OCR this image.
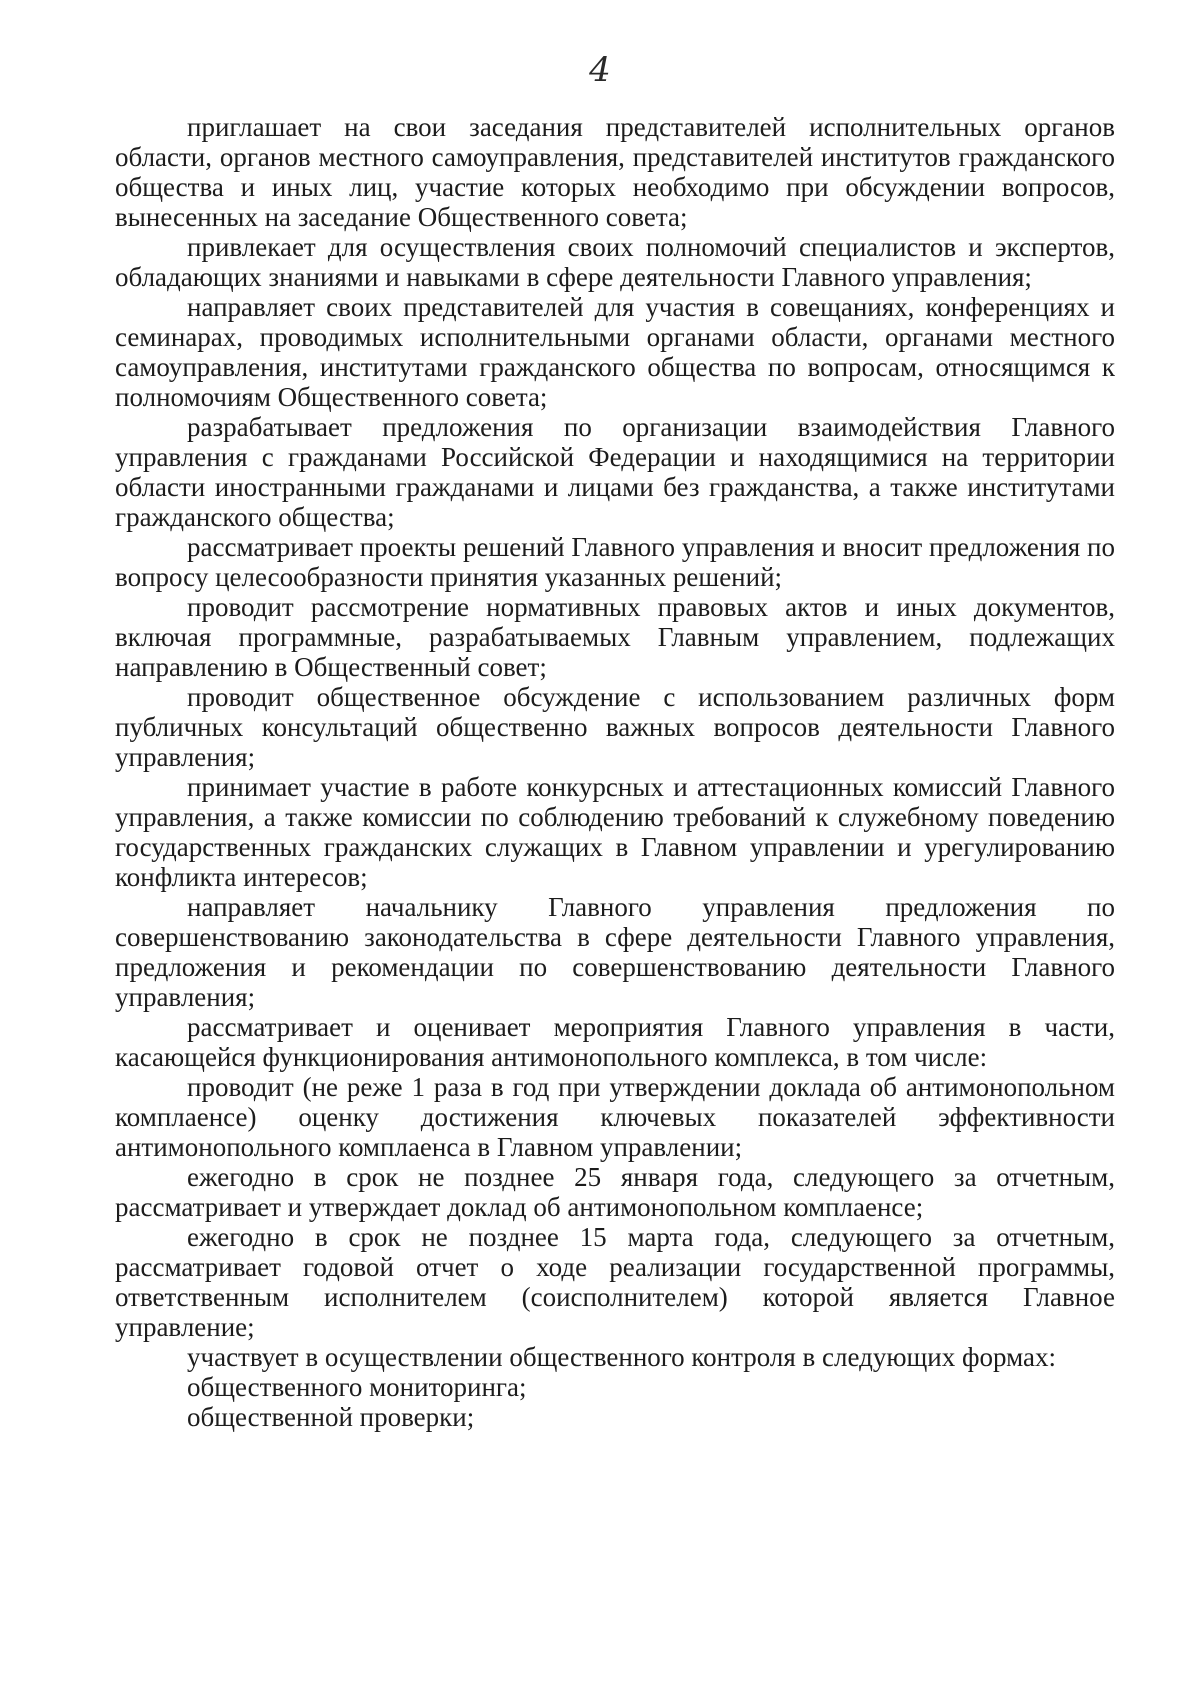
4

приглашает на свои заседания представителей исполнительных органов области, органов местного самоуправления, представителей институтов гражданского общества и иных лиц, участие которых необходимо при обсуждении вопросов, вынесенных на заседание Общественного совета;

привлекает для осуществления своих полномочий специалистов и экспертов, обладающих знаниями и навыками в сфере деятельности Главного управления;

направляет своих представителей для участия в совещаниях, конференциях и семинарах, проводимых исполнительными органами области, органами местного самоуправления, институтами гражданского общества по вопросам, относящимся к полномочиям Общественного совета;

разрабатывает предложения по организации взаимодействия Главного управления с гражданами Российской Федерации и находящимися на территории области иностранными гражданами и лицами без гражданства, а также институтами гражданского общества;

рассматривает проекты решений Главного управления и вносит предложения по вопросу целесообразности принятия указанных решений;

проводит рассмотрение нормативных правовых актов и иных документов, включая программные, разрабатываемых Главным управлением, подлежащих направлению в Общественный совет;

проводит общественное обсуждение с использованием различных форм публичных консультаций общественно важных вопросов деятельности Главного управления;

принимает участие в работе конкурсных и аттестационных комиссий Главного управления, а также комиссии по соблюдению требований к служебному поведению государственных гражданских служащих в Главном управлении и урегулированию конфликта интересов;

направляет начальнику Главного управления предложения по совершенствованию законодательства в сфере деятельности Главного управления, предложения и рекомендации по совершенствованию деятельности Главного управления;

рассматривает и оценивает мероприятия Главного управления в части, касающейся функционирования антимонопольного комплекса, в том числе:

проводит (не реже 1 раза в год при утверждении доклада об антимонопольном комплаенсе) оценку достижения ключевых показателей эффективности антимонопольного комплаенса в Главном управлении;

ежегодно в срок не позднее 25 января года, следующего за отчетным, рассматривает и утверждает доклад об антимонопольном комплаенсе;

ежегодно в срок не позднее 15 марта года, следующего за отчетным, рассматривает годовой отчет о ходе реализации государственной программы, ответственным исполнителем (соисполнителем) которой является Главное управление;

участвует в осуществлении общественного контроля в следующих формах:

общественного мониторинга;

общественной проверки;
